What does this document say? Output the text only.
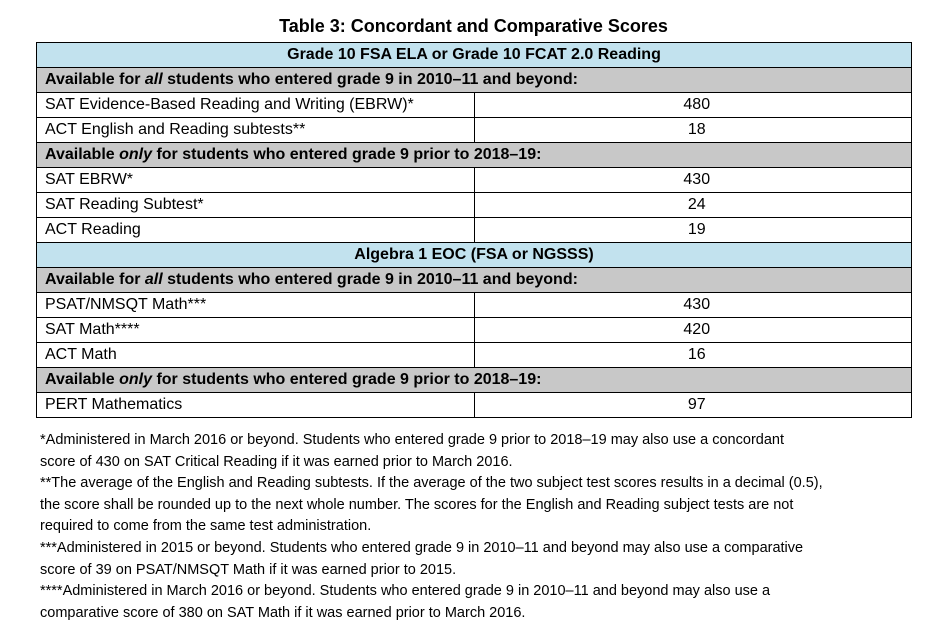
Table 3: Concordant and Comparative Scores
Grade 10 FSA ELA or Grade 10 FCAT 2.0 Reading	
Available for all students who entered grade 9 in 2010–11 and beyond:	
SAT Evidence-Based Reading and Writing (EBRW)*	480
ACT English and Reading subtests**	18
Available only for students who entered grade 9 prior to 2018–19:	
SAT EBRW*	430
SAT Reading Subtest*	24
ACT Reading	19
Algebra 1 EOC (FSA or NGSSS)	
Available for all students who entered grade 9 in 2010–11 and beyond:	
PSAT/NMSQT Math***	430
SAT Math****	420
ACT Math	16
Available only for students who entered grade 9 prior to 2018–19:	
PERT Mathematics	97

*Administered in March 2016 or beyond. Students who entered grade 9 prior to 2018–19 may also use a concordant
score of 430 on SAT Critical Reading if it was earned prior to March 2016.

**The average of the English and Reading subtests. If the average of the two subject test scores results in a decimal (0.5),
the score shall be rounded up to the next whole number. The scores for the English and Reading subject tests are not
required to come from the same test administration.

***Administered in 2015 or beyond. Students who entered grade 9 in 2010–11 and beyond may also use a comparative
score of 39 on PSAT/NMSQT Math if it was earned prior to 2015.

****Administered in March 2016 or beyond. Students who entered grade 9 in 2010–11 and beyond may also use a
comparative score of 380 on SAT Math if it was earned prior to March 2016.
